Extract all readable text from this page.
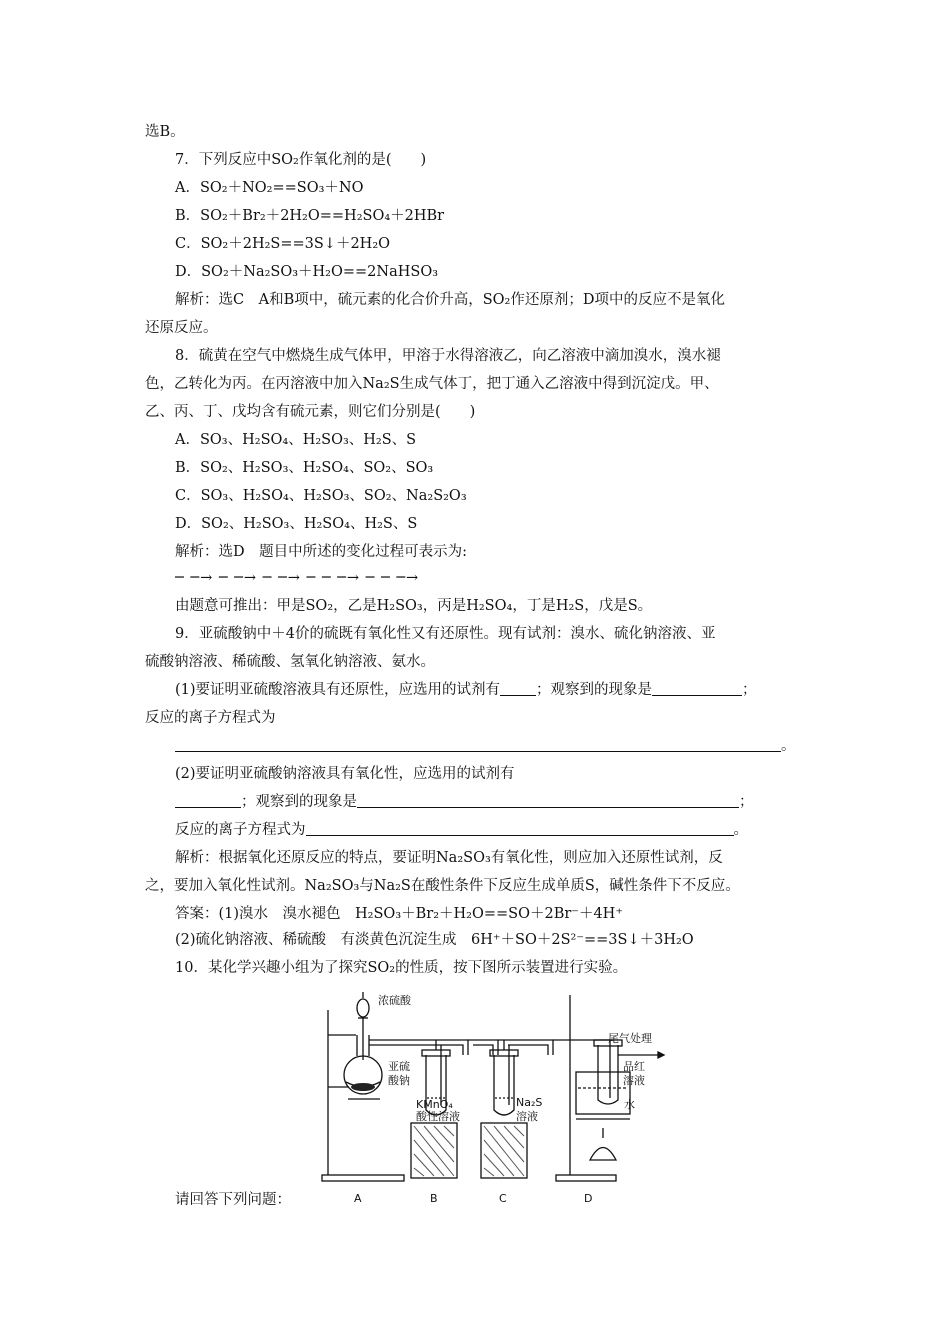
选B。
7．下列反应中SO₂作氧化剂的是(　　)
A．SO₂＋NO₂==SO₃＋NO
B．SO₂＋Br₂＋2H₂O==H₂SO₄＋2HBr
C．SO₂＋2H₂S==3S↓＋2H₂O
D．SO₂＋Na₂SO₃＋H₂O==2NaHSO₃
解析：选C　A和B项中，硫元素的化合价升高，SO₂作还原剂；D项中的反应不是氧化
还原反应。
8．硫黄在空气中燃烧生成气体甲，甲溶于水得溶液乙，向乙溶液中滴加溴水，溴水褪
色，乙转化为丙。在丙溶液中加入Na₂S生成气体丁，把丁通入乙溶液中得到沉淀戊。甲、
乙、丙、丁、戊均含有硫元素，则它们分别是(　　)
A．SO₃、H₂SO₄、H₂SO₃、H₂S、S
B．SO₂、H₂SO₃、H₂SO₄、SO₂、SO₃
C．SO₃、H₂SO₄、H₂SO₃、SO₂、Na₂S₂O₃
D．SO₂、H₂SO₃、H₂SO₄、H₂S、S
解析：选D　题目中所述的变化过程可表示为:
─ ─→ ─ ─→ ─ ─→ ─ ─ ─→ ─ ─ ─→
由题意可推出：甲是SO₂，乙是H₂SO₃，丙是H₂SO₄，丁是H₂S，戊是S。
9．亚硫酸钠中＋4价的硫既有氧化性又有还原性。现有试剂：溴水、硫化钠溶液、亚
硫酸钠溶液、稀硫酸、氢氧化钠溶液、氨水。
(1)要证明亚硫酸溶液具有还原性，应选用的试剂有 ；观察到的现象是	；
反应的离子方程式为
。
(2)要证明亚硫酸钠溶液具有氧化性，应选用的试剂有
；观察到的现象是	；
反应的离子方程式为	。
解析：根据氧化还原反应的特点，要证明Na₂SO₃有氧化性，则应加入还原性试剂，反
之，要加入氧化性试剂。Na₂SO₃与Na₂S在酸性条件下反应生成单质S，碱性条件下不反应。
答案：(1)溴水　溴水褪色　H₂SO₃＋Br₂＋H₂O==SO＋2Br⁻＋4H⁺
(2)硫化钠溶液、稀硫酸　有淡黄色沉淀生成　6H⁺＋SO＋2S²⁻==3S↓＋3H₂O
10．某化学兴趣小组为了探究SO₂的性质，按下图所示装置进行实验。
浓硫酸
亚硫
酸钠
KMnO₄
酸性溶液
Na₂S
溶液
尾气处理
品红
溶液
水
A	B	C	D
请回答下列问题：
